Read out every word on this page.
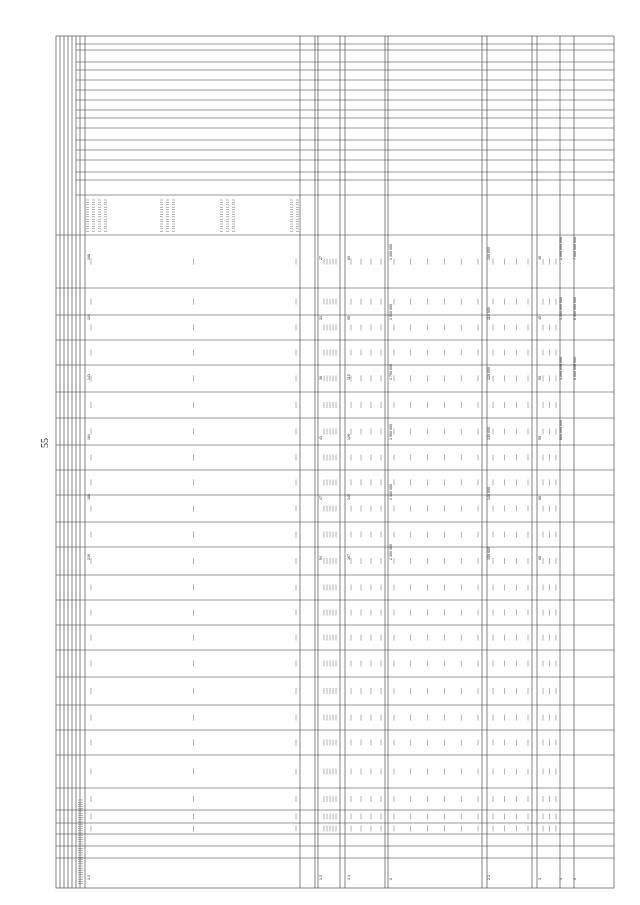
55
108
124
143
164
188
216
1.1
27
31
36
41
47
54
1.2
83
95
110
126
145
167
1.3
1 300 000
1 500 000
1 700 000
1 900 000
2 100 000
2 300 000
2
100 000
110 000
120 000
130 000
140 000
150 000
2.1
40
45
50
55
60
65
3
2 000 000 000
1 500 000 000
1 000 000 000
800 000 000
4
7 000 000 000
6 500 000 000
6 000 000 000
5
